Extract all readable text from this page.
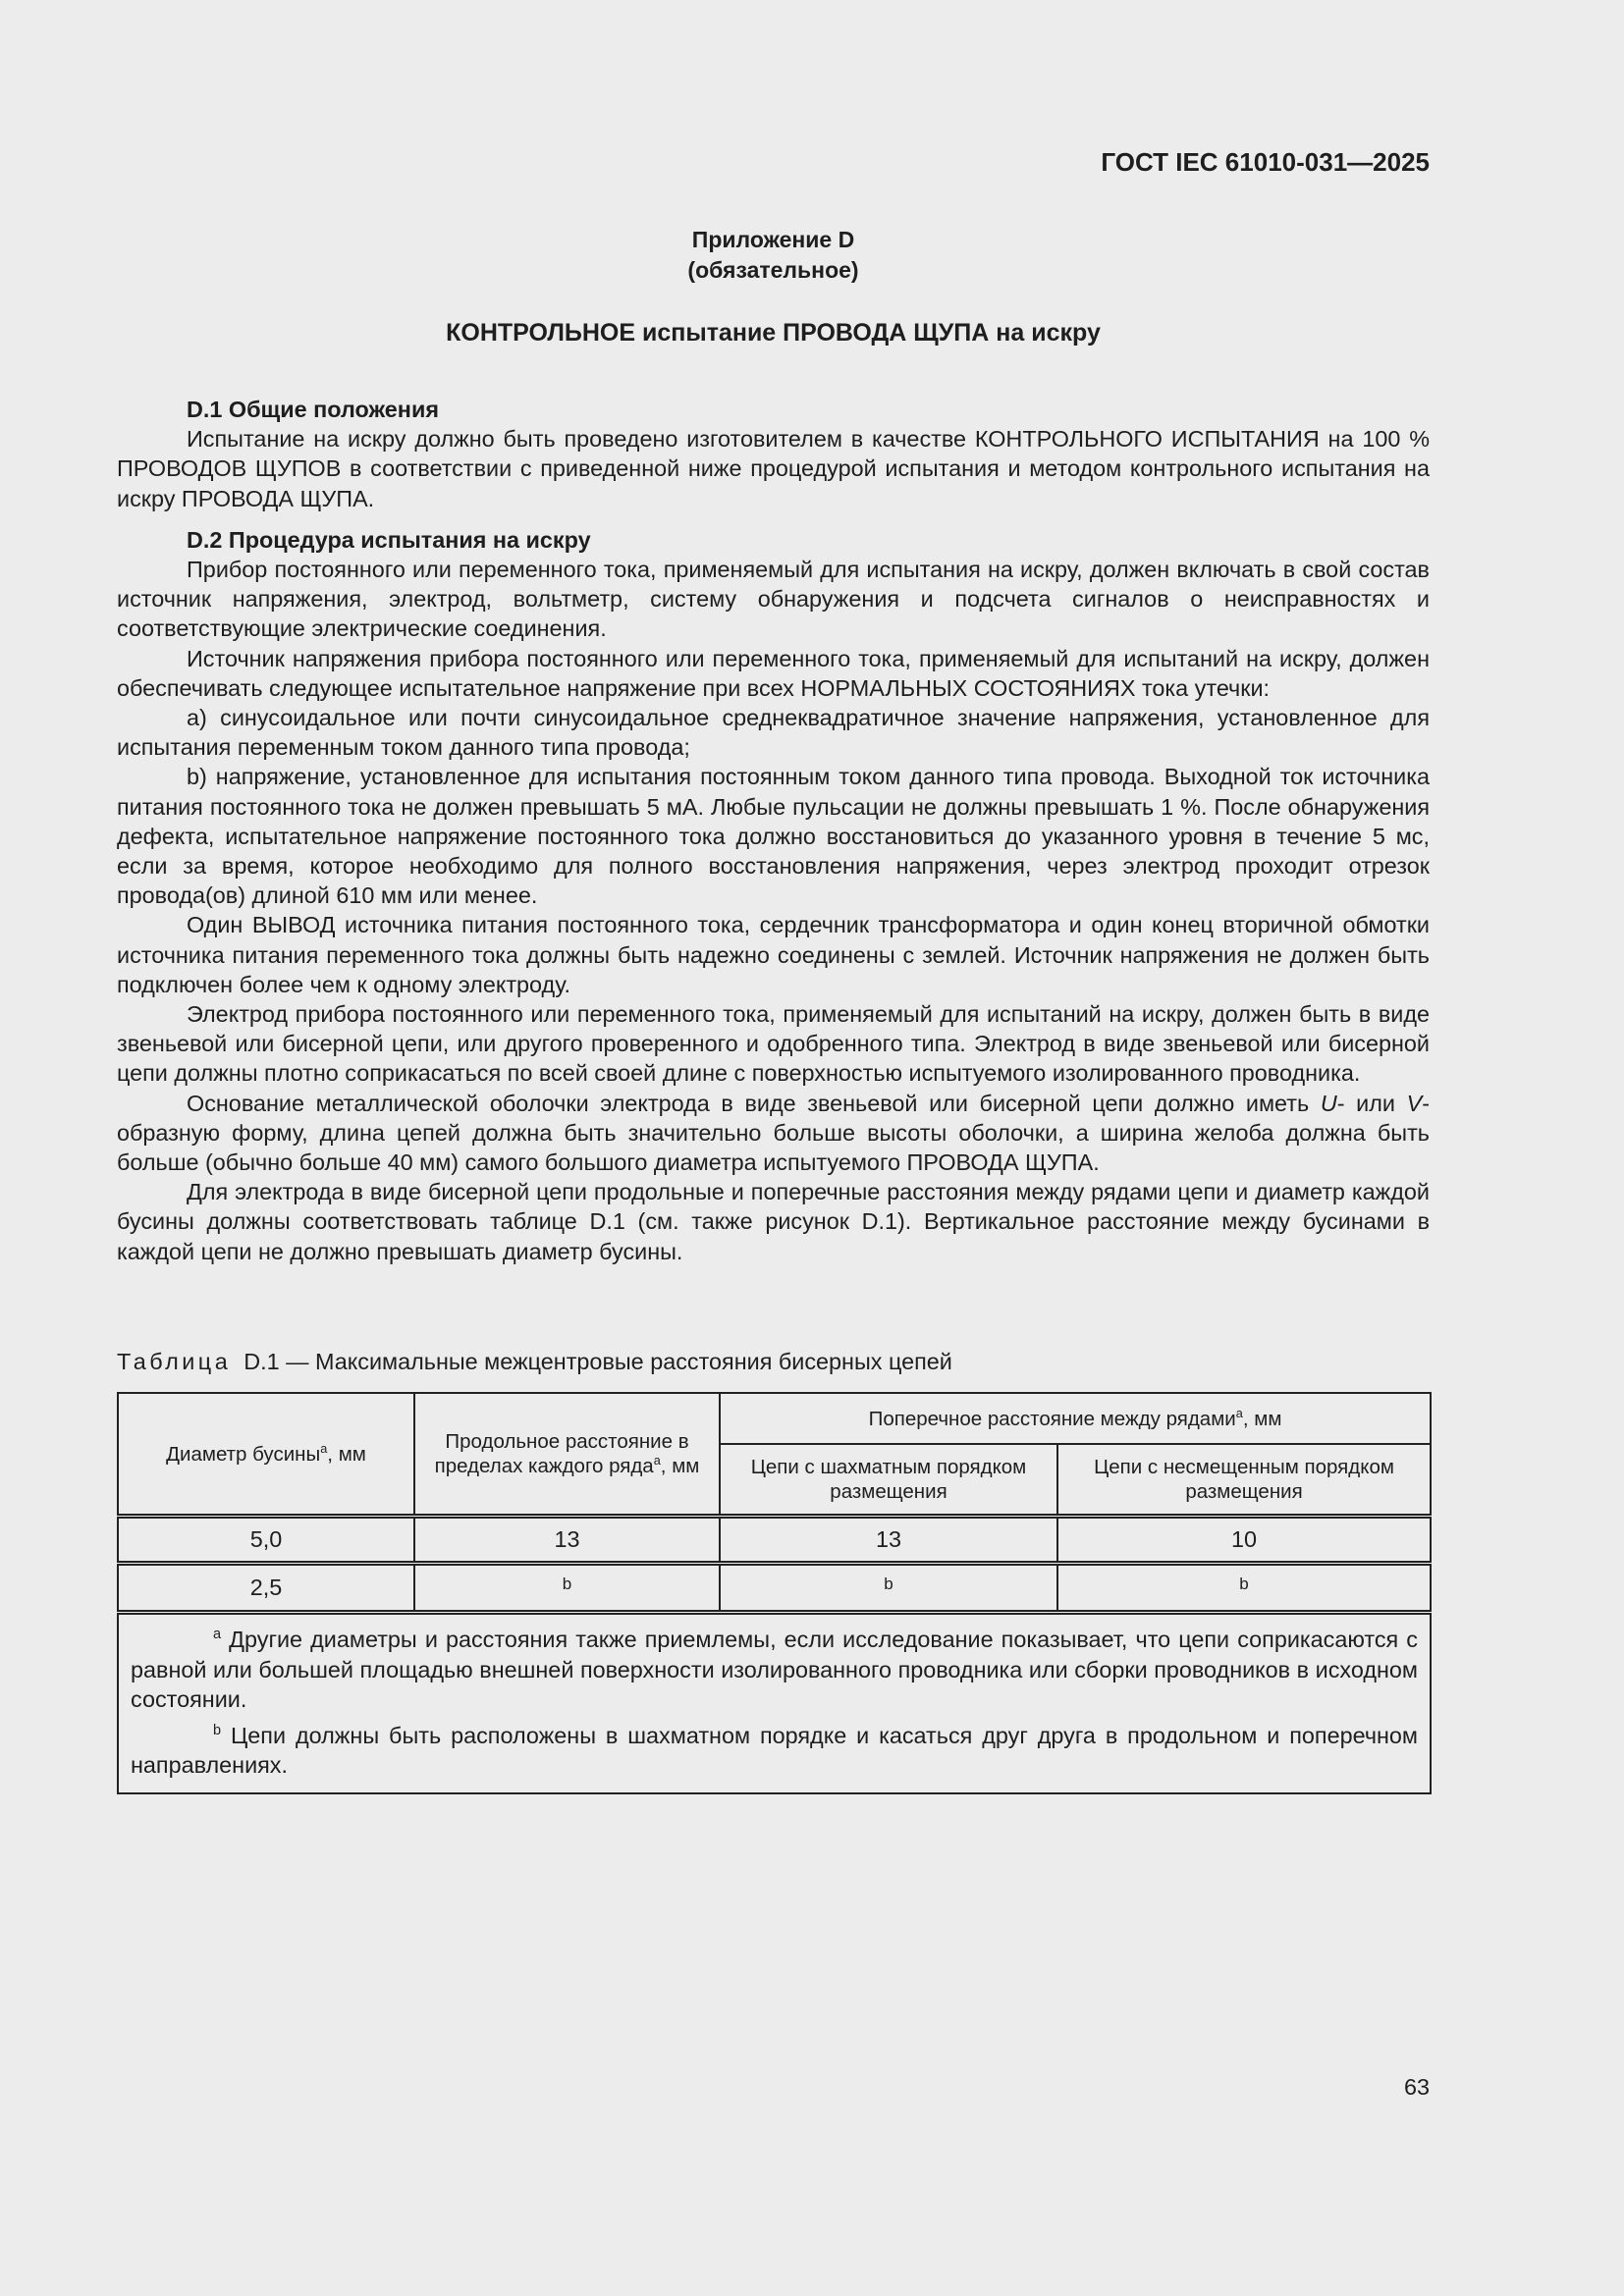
ГОСТ IEC 61010-031—2025
Приложение D
(обязательное)
КОНТРОЛЬНОЕ испытание ПРОВОДА ЩУПА на искру
D.1 Общие положения

Испытание на искру должно быть проведено изготовителем в качестве КОНТРОЛЬНОГО ИСПЫТАНИЯ на 100 % ПРОВОДОВ ЩУПОВ в соответствии с приведенной ниже процедурой испытания и методом контрольного испытания на искру ПРОВОДА ЩУПА.

D.2 Процедура испытания на искру

Прибор постоянного или переменного тока, применяемый для испытания на искру, должен включать в свой состав источник напряжения, электрод, вольтметр, систему обнаружения и подсчета сигналов о неисправностях и соответствующие электрические соединения.

Источник напряжения прибора постоянного или переменного тока, применяемый для испытаний на искру, должен обеспечивать следующее испытательное напряжение при всех НОРМАЛЬНЫХ СОСТОЯНИЯХ тока утечки:

a) синусоидальное или почти синусоидальное среднеквадратичное значение напряжения, установленное для испытания переменным током данного типа провода;

b) напряжение, установленное для испытания постоянным током данного типа провода. Выходной ток источника питания постоянного тока не должен превышать 5 мА. Любые пульсации не должны превышать 1 %. После обнаружения дефекта, испытательное напряжение постоянного тока должно восстановиться до указанного уровня в течение 5 мс, если за время, которое необходимо для полного восстановления напряжения, через электрод проходит отрезок провода(ов) длиной 610 мм или менее.

Один ВЫВОД источника питания постоянного тока, сердечник трансформатора и один конец вторичной обмотки источника питания переменного тока должны быть надежно соединены с землей. Источник напряжения не должен быть подключен более чем к одному электроду.

Электрод прибора постоянного или переменного тока, применяемый для испытаний на искру, должен быть в виде звеньевой или бисерной цепи, или другого проверенного и одобренного типа. Электрод в виде звеньевой или бисерной цепи должны плотно соприкасаться по всей своей длине с поверхностью испытуемого изолированного проводника.

Основание металлической оболочки электрода в виде звеньевой или бисерной цепи должно иметь U- или V-образную форму, длина цепей должна быть значительно больше высоты оболочки, а ширина желоба должна быть больше (обычно больше 40 мм) самого большого диаметра испытуемого ПРОВОДА ЩУПА.

Для электрода в виде бисерной цепи продольные и поперечные расстояния между рядами цепи и диаметр каждой бусины должны соответствовать таблице D.1 (см. также рисунок D.1). Вертикальное расстояние между бусинами в каждой цепи не должно превышать диаметр бусины.

Таблица D.1 — Максимальные межцентровые расстояния бисерных цепей
Диаметр бусины$^a$, мм	Продольное расстояние в пределах каждого ряда$^a$, мм	Поперечное расстояние между рядами$^a$, мм	
		Цепи с шахматным порядком размещения	Цепи с несмещенным порядком размещения
5,0	13	13	10
2,5	b	b	b

$^a$ Другие диаметры и расстояния также приемлемы, если исследование показывает, что цепи соприкасаются с равной или большей площадью внешней поверхности изолированного проводника или сборки проводников в исходном состоянии.

$^b$ Цепи должны быть расположены в шахматном порядке и касаться друг друга в продольном и поперечном направлениях.			

63
